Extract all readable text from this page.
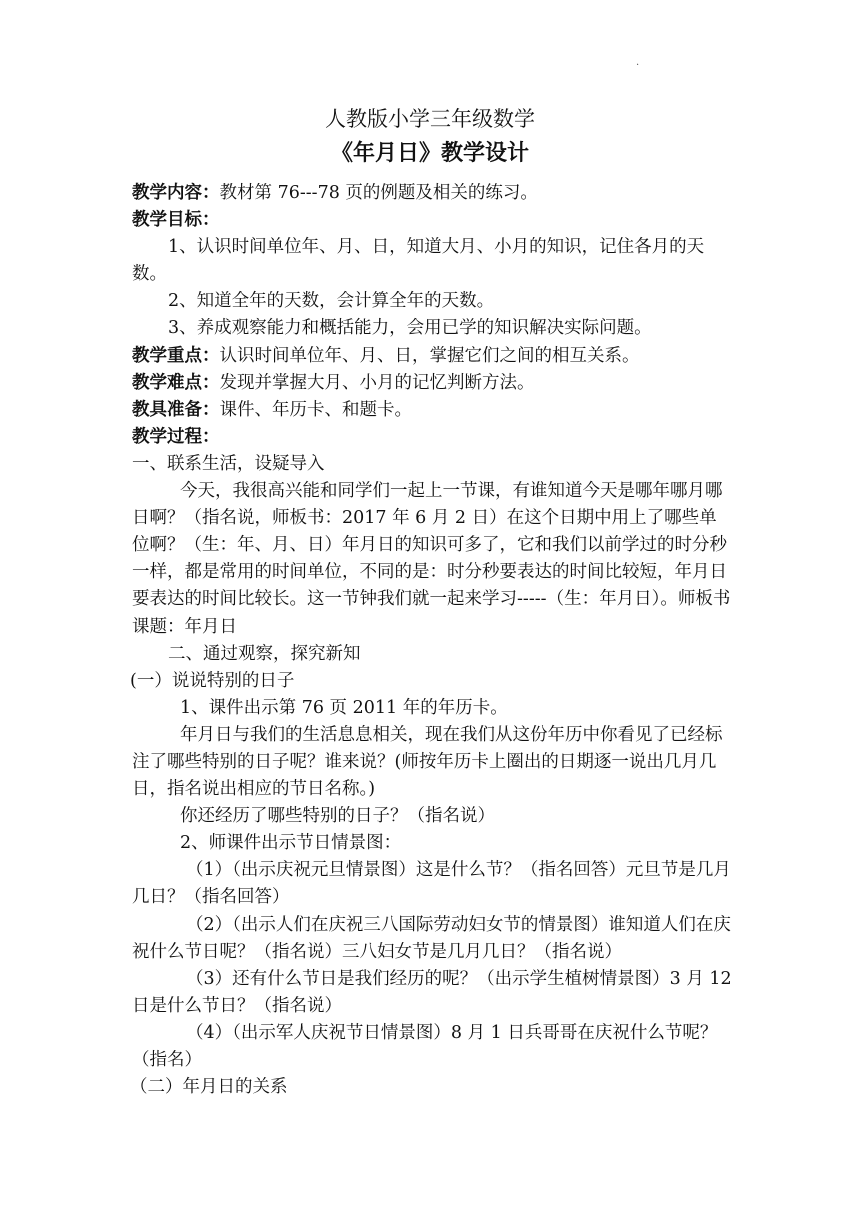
.
人教版小学三年级数学
《年月日》教学设计

教学内容：教材第 76---78 页的例题及相关的练习。

教学目标：

1、认识时间单位年、月、日，知道大月、小月的知识，记住各月的天数。

2、知道全年的天数，会计算全年的天数。

3、养成观察能力和概括能力，会用已学的知识解决实际问题。

教学重点：认识时间单位年、月、日，掌握它们之间的相互关系。

教学难点：发现并掌握大月、小月的记忆判断方法。

教具准备：课件、年历卡、和题卡。

教学过程：

一、联系生活，设疑导入

今天，我很高兴能和同学们一起上一节课，有谁知道今天是哪年哪月哪日啊？（指名说，师板书：2017 年 6 月 2 日）在这个日期中用上了哪些单位啊？（生：年、月、日）年月日的知识可多了，它和我们以前学过的时分秒一样，都是常用的时间单位，不同的是：时分秒要表达的时间比较短，年月日要表达的时间比较长。这一节钟我们就一起来学习-----（生：年月日）。师板书课题：年月日

二、通过观察，探究新知

(一）说说特别的日子

1、课件出示第 76 页 2011 年的年历卡。

年月日与我们的生活息息相关，现在我们从这份年历中你看见了已经标注了哪些特别的日子呢？谁来说？(师按年历卡上圈出的日期逐一说出几月几日，指名说出相应的节日名称。)

你还经历了哪些特别的日子？（指名说）

2、师课件出示节日情景图：

（1）（出示庆祝元旦情景图）这是什么节？（指名回答）元旦节是几月几日？（指名回答）

（2）（出示人们在庆祝三八国际劳动妇女节的情景图）谁知道人们在庆祝什么节日呢？（指名说）三八妇女节是几月几日？（指名说）

（3）还有什么节日是我们经历的呢？（出示学生植树情景图）3 月 12 日是什么节日？（指名说）

（4）（出示军人庆祝节日情景图）8 月 1 日兵哥哥在庆祝什么节呢？（指名）

（二）年月日的关系
